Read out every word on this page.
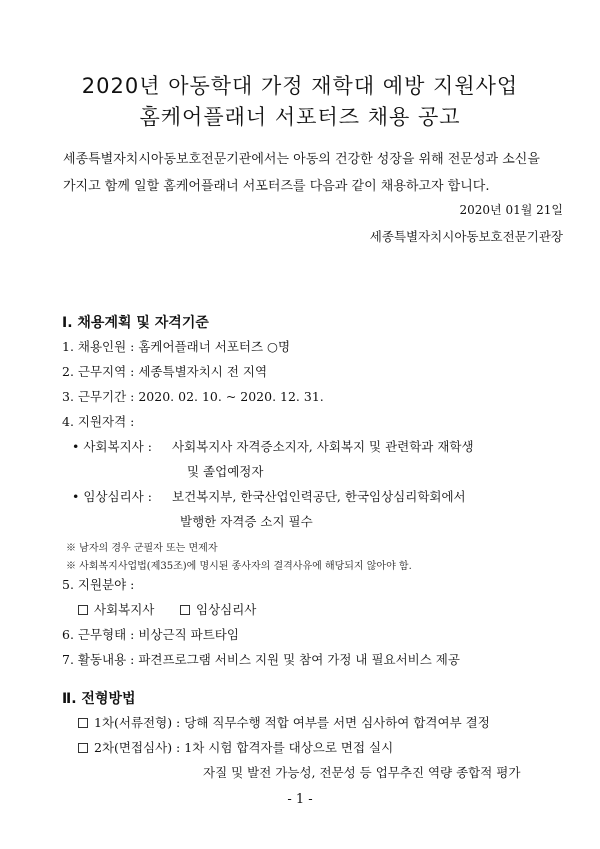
2020년 아동학대 가정 재학대 예방 지원사업
홈케어플래너 서포터즈 채용 공고
세종특별자치시아동보호전문기관에서는 아동의 건강한 성장을 위해 전문성과 소신을
가지고 함께 일할 홈케어플래너 서포터즈를 다음과 같이 채용하고자 합니다.
2020년 01월 21일
세종특별자치시아동보호전문기관장
Ⅰ. 채용계획 및 자격기준
1. 채용인원 : 홈케어플래너 서포터즈 ○명
2. 근무지역 : 세종특별자치시 전 지역
3. 근무기간 : 2020. 02. 10. ~ 2020. 12. 31.
4. 지원자격 :
• 사회복지사 : 사회복지사 자격증소지자, 사회복지 및 관련학과 재학생
및 졸업예정자
• 임상심리사 : 보건복지부, 한국산업인력공단, 한국임상심리학회에서
발행한 자격증 소지 필수
※ 남자의 경우 군필자 또는 면제자
※ 사회복지사업법(제35조)에 명시된 종사자의 결격사유에 해당되지 않아야 함.
5. 지원분야 :
사회복지사	임상심리사
6. 근무형태 : 비상근직 파트타임
7. 활동내용 : 파견프로그램 서비스 지원 및 참여 가정 내 필요서비스 제공
Ⅱ. 전형방법
1차(서류전형) : 당해 직무수행 적합 여부를 서면 심사하여 합격여부 결정
2차(면접심사) : 1차 시험 합격자를 대상으로 면접 실시
자질 및 발전 가능성, 전문성 등 업무추진 역량 종합적 평가
- 1 -
